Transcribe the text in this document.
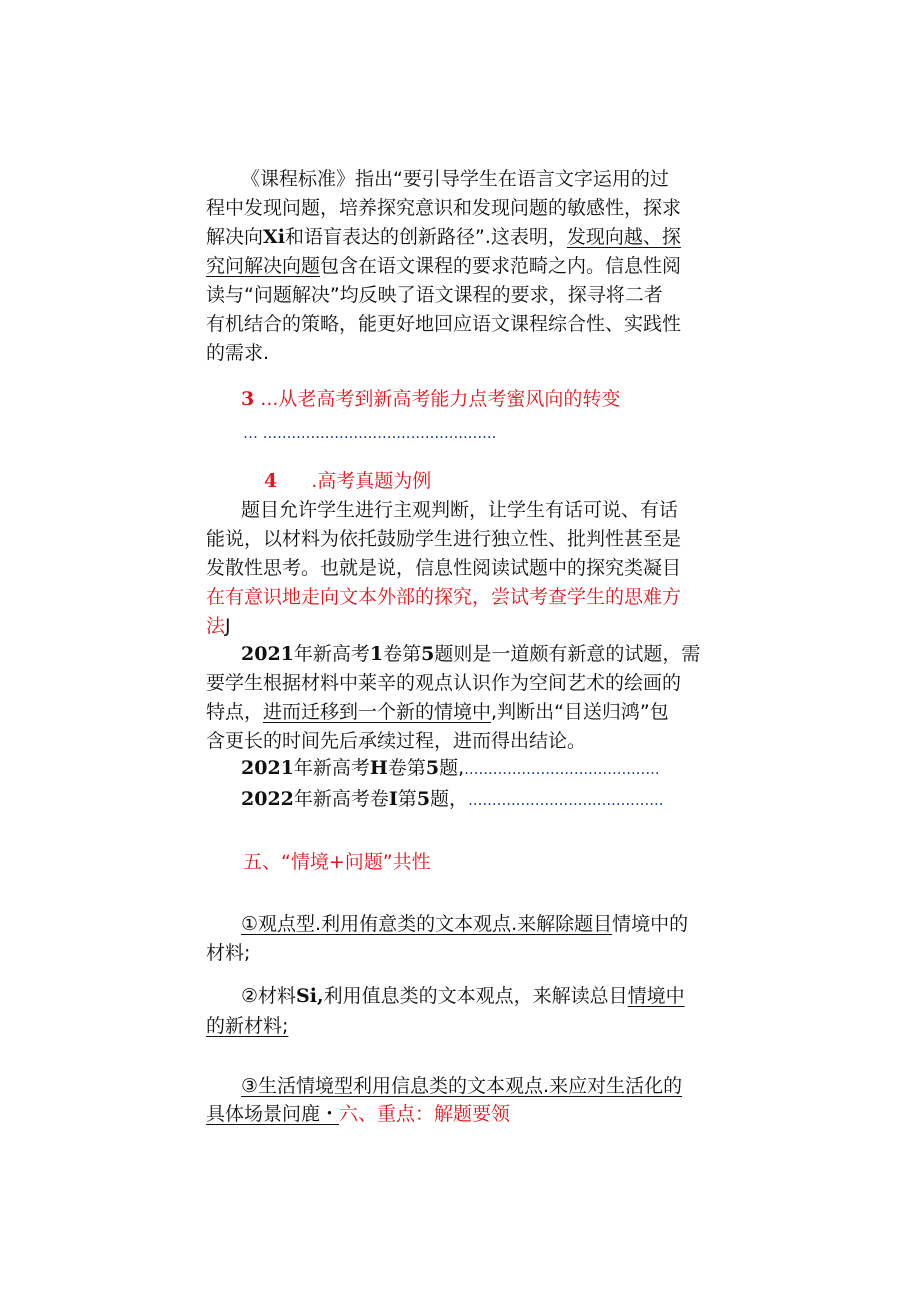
《课程标准》指出“要引导学生在语言文字运用的过
程中发现问题，培养探究意识和发现问题的敏感性，探求
解决向Xi和语盲表达的创新路径”.这表明，发现向越、探
究问解决向题包含在语文课程的要求范畸之内。信息性阅
读与“问题解决”均反映了语文课程的要求，探寻将二者
有机结合的策略，能更好地回应语文课程综合性、实践性
的需求.
3 ...从老高考到新高考能力点考蜜风向的转变
… .................................................
4 .高考真题为例
题目允许学生进行主观判断，让学生有话可说、有话
能说，以材料为依托鼓励学生进行独立性、批判性甚至是
发散性思考。也就是说，信息性阅读试题中的探究类凝目
在有意识地走向文本外部的探究，尝试考查学生的思难方
法J
2021年新高考1卷第5题则是一道颇有新意的试题，需
要学生根据材料中莱辛的观点认识作为空间艺术的绘画的
特点，进而迁移到一个新的情境中,判断出“目送归鸿”包
含更长的时间先后承续过程，进而得出结论。
2021年新高考H卷第5题,.........................................
2022年新高考卷I第5题，.........................................
五、“情境+问题”共性
①观点型.利用侑意类的文本观点.来解除题目情境中的
材料;
②材料Si,利用值息类的文本观点，来解读总目情境中
的新材料;
③生活情境型利用信息类的文本观点.来应对生活化的
具体场景问鹿・六、重点：解题要领
